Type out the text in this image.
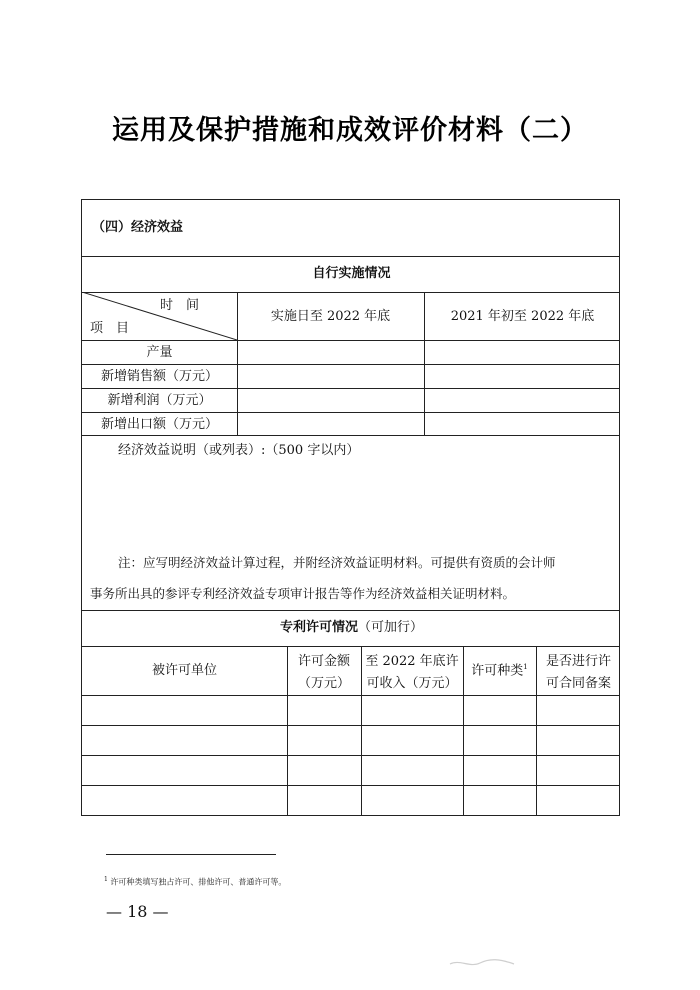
运用及保护措施和成效评价材料（二）
（四）经济效益
自行实施情况
时　间
项　目
实施日至 2022 年底	2021 年初至 2022 年底
产量
新增销售额（万元）
新增利润（万元）
新增出口额（万元）
经济效益说明（或列表）:（500 字以内）
注：应写明经济效益计算过程，并附经济效益证明材料。可提供有资质的会计师
事务所出具的参评专利经济效益专项审计报告等作为经济效益相关证明材料。
专利许可情况（可加行）
被许可单位
许可金额
（万元）
至 2022 年底许
可收入（万元）
许可种类$^1$	是否进行许
可合同备案
$^1$ 许可种类填写独占许可、排他许可、普通许可等。
— 18 —
